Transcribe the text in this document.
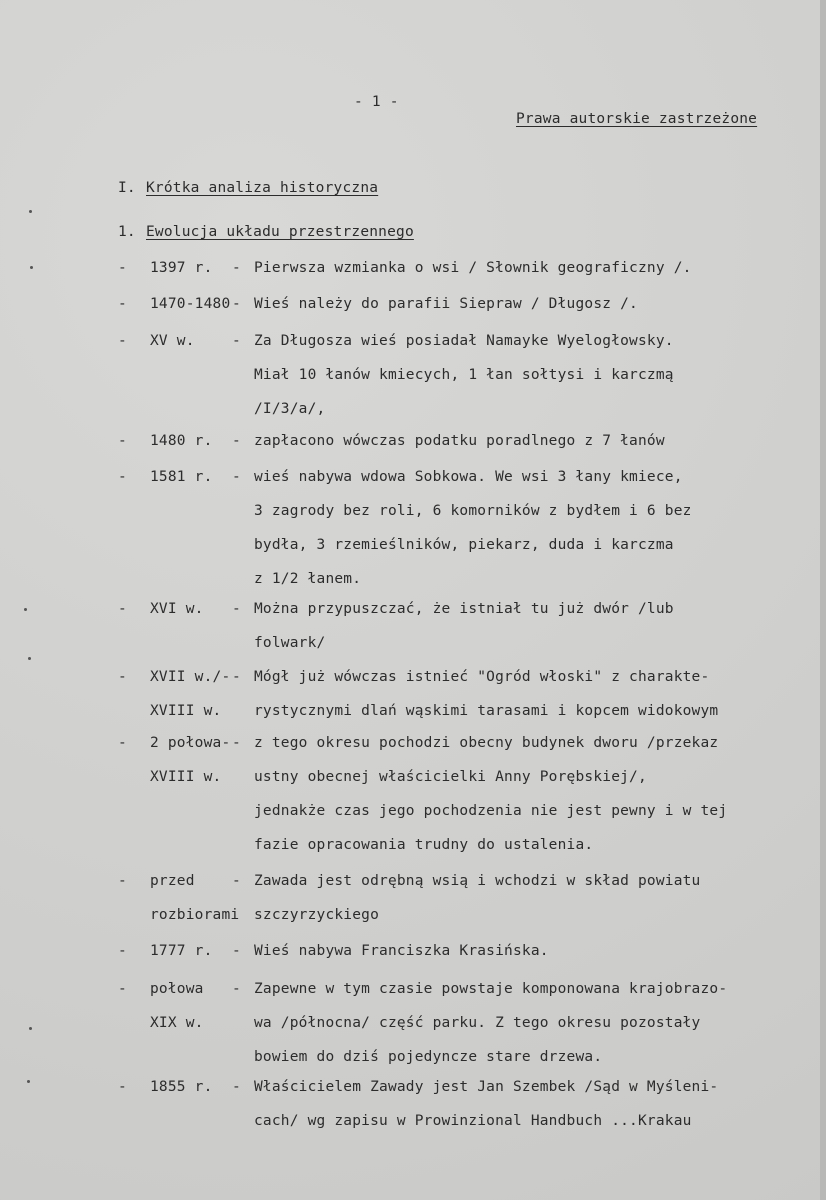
- 1 -
Prawa autorskie zastrzeżone
I. Krótka analiza historyczna
1. Ewolucja układu przestrzennego
- 1397 r. - Pierwsza wzmianka o wsi / Słownik geograficzny /.
- 1470-1480 - Wieś należy do parafii Siepraw / Długosz /.
- XV w.	- Za Długosza wieś posiadał Namayke Wyelogłowsky.
Miał 10 łanów kmiecych, 1 łan sołtysi i karczmą
/I/3/a/,
- 1480 r. - zapłacono wówczas podatku poradlnego z 7 łanów
- 1581 r. - wieś nabywa wdowa Sobkowa. We wsi 3 łany kmiece,
3 zagrody bez roli, 6 komorników z bydłem i 6 bez
bydła, 3 rzemieślników, piekarz, duda i karczma
z 1/2 łanem.
- XVI w. - Można przypuszczać, że istniał tu już dwór /lub
folwark/
- XVII w./-
XVIII w.
- Mógł już wówczas istnieć "Ogród włoski" z charakte-
rystycznymi dlań wąskimi tarasami i kopcem widokowym
- 2 połowa-
XVIII w.
- z tego okresu pochodzi obecny budynek dworu /przekaz
ustny obecnej właścicielki Anny Porębskiej/,
jednakże czas jego pochodzenia nie jest pewny i w tej
fazie opracowania trudny do ustalenia.
- przed
rozbiorami
- Zawada jest odrębną wsią i wchodzi w skład powiatu
szczyrzyckiego
- 1777 r. - Wieś nabywa Franciszka Krasińska.
- połowa
XIX w.
- Zapewne w tym czasie powstaje komponowana krajobrazo-
wa /północna/ część parku. Z tego okresu pozostały
bowiem do dziś pojedyncze stare drzewa.
- 1855 r. - Właścicielem Zawady jest Jan Szembek /Sąd w Myśleni-
cach/ wg zapisu w Prowinzional Handbuch ...Krakau
